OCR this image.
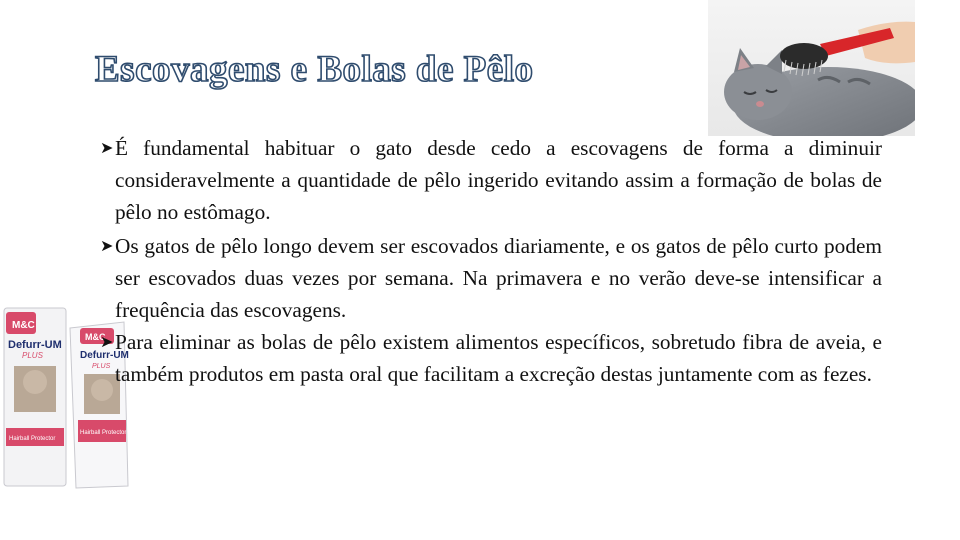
Escovagens e Bolas de Pêlo
M&C
Defurr-UM
PLUS
Hairball Protector
M&C
Defurr-UM
PLUS
Hairball Protector

➤ É fundamental habituar o gato desde cedo a escovagens de forma a diminuir consideravelmente a quantidade de pêlo ingerido evitando assim a formação de bolas de pêlo no estômago.

➤ Os gatos de pêlo longo devem ser escovados diariamente, e os gatos de pêlo curto podem ser escovados duas vezes por semana. Na primavera e no verão deve-se intensificar a frequência das escovagens.

➤ Para eliminar as bolas de pêlo existem alimentos específicos, sobretudo fibra de aveia, e também produtos em pasta oral que facilitam a excreção destas juntamente com as fezes.
